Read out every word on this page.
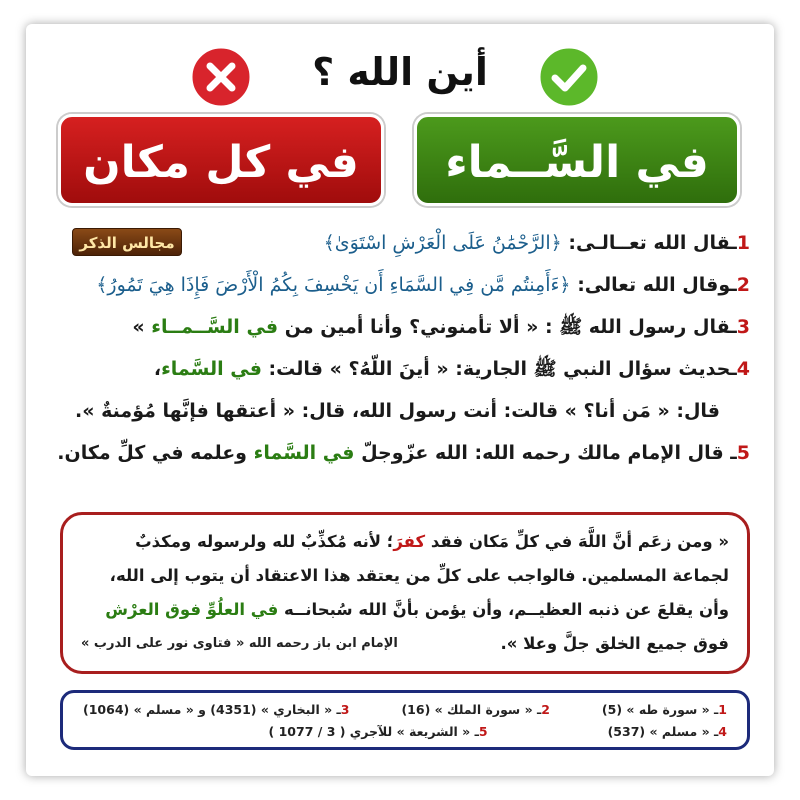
أين الله ؟
في كل مكان	في السَّــماء
1ـقال الله تعــالـى: ﴿الرَّحْمَٰنُ عَلَى الْعَرْشِ اسْتَوَىٰ﴾
2ـوقال الله تعالى: ﴿ءَأَمِنتُم مَّن فِي السَّمَاءِ أَن يَخْسِفَ بِكُمُ الْأَرْضَ فَإِذَا هِيَ تَمُورُ﴾
3ـقال رسول الله ﷺ : « ألا تأمنوني؟ وأنا أمين من في السَّــمــاء »
4ـحديث سؤال النبي ﷺ الجارية: « أينَ اللّهُ؟ » قالت: في السَّماء،
قال: « مَن أنا؟ » قالت: أنت رسول الله، قال: « أعتقها فإنَّها مُؤمنةٌ ».
5ـ قال الإمام مالك رحمه الله: الله عزّوجلّ في السَّماء وعلمه في كلِّ مكان.
مجالس الذكر
« ومن زعَم أنَّ اللَّهَ في كلِّ مَكان فقد كفرَ؛ لأنه مُكذِّبٌ لله ولرسوله ومكذبٌ
لجماعة المسلمين. فالواجب على كلِّ من يعتقد هذا الاعتقاد أن يتوب إلى الله،
وأن يقلعَ عن ذنبه العظيــم، وأن يؤمن بأنَّ الله سُبحانــه في العلُوِّ فوق العرْش
فوق جميع الخلق جلَّ وعلا ».
الإمام ابن باز رحمه الله « فتاوى نور على الدرب »
1ـ « سورة طه » (5)
2ـ « سورة الملك » (16)
3ـ « البخاري » (4351) و « مسلم » (1064)
4ـ « مسلم » (537)
5ـ « الشريعة » للآجري ( 3 / 1077 )
